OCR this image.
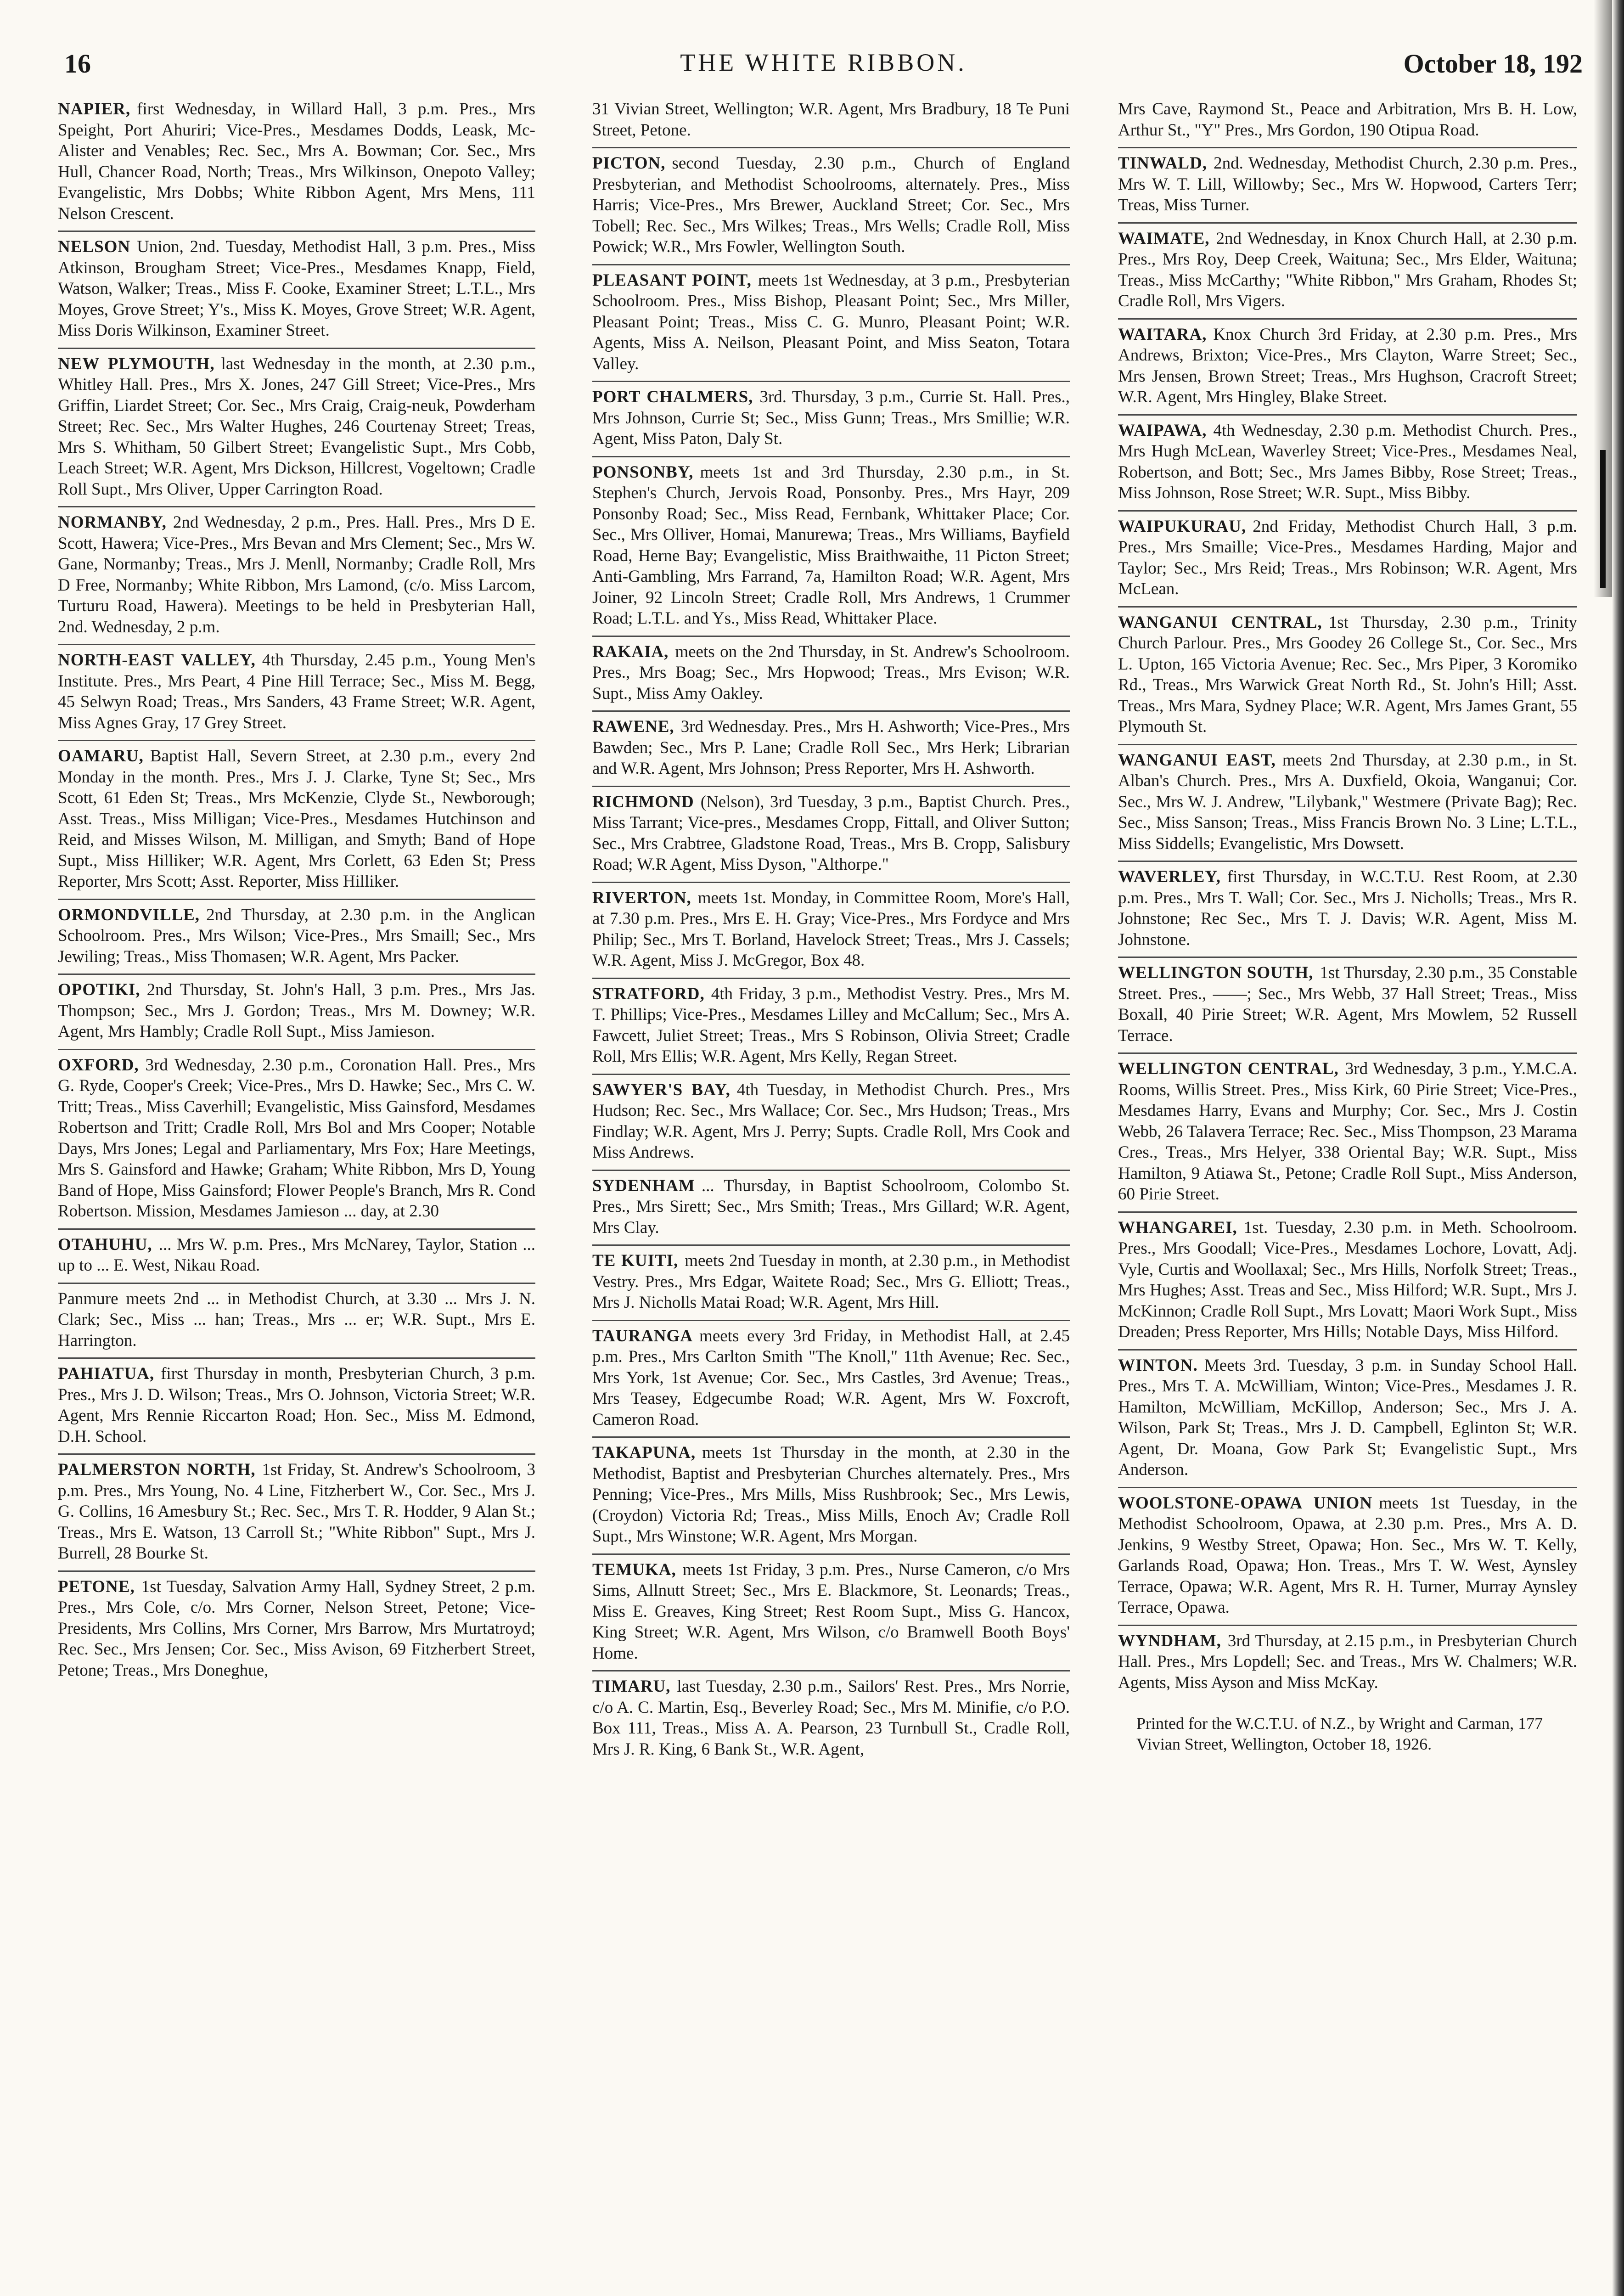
16	THE WHITE RIBBON.	October 18, 192

NAPIER, first Wednesday, in Willard Hall, 3 p.m. Pres., Mrs Speight, Port Ahuriri; Vice-Pres., Mesdames Dodds, Leask, Mc-Alister and Venables; Rec. Sec., Mrs A. Bowman; Cor. Sec., Mrs Hull, Chancer Road, North; Treas., Mrs Wilkinson, Onepoto Valley; Evangelistic, Mrs Dobbs; White Ribbon Agent, Mrs Mens, 111 Nelson Crescent.

NELSON Union, 2nd. Tuesday, Methodist Hall, 3 p.m. Pres., Miss Atkinson, Brougham Street; Vice-Pres., Mesdames Knapp, Field, Watson, Walker; Treas., Miss F. Cooke, Examiner Street; L.T.L., Mrs Moyes, Grove Street; Y's., Miss K. Moyes, Grove Street; W.R. Agent, Miss Doris Wilkinson, Examiner Street.

NEW PLYMOUTH, last Wednesday in the month, at 2.30 p.m., Whitley Hall. Pres., Mrs X. Jones, 247 Gill Street; Vice-Pres., Mrs Griffin, Liardet Street; Cor. Sec., Mrs Craig, Craig-neuk, Powderham Street; Rec. Sec., Mrs Walter Hughes, 246 Courtenay Street; Treas, Mrs S. Whitham, 50 Gilbert Street; Evangelistic Supt., Mrs Cobb, Leach Street; W.R. Agent, Mrs Dickson, Hillcrest, Vogeltown; Cradle Roll Supt., Mrs Oliver, Upper Carrington Road.

NORMANBY, 2nd Wednesday, 2 p.m., Pres. Hall. Pres., Mrs D E. Scott, Hawera; Vice-Pres., Mrs Bevan and Mrs Clement; Sec., Mrs W. Gane, Normanby; Treas., Mrs J. Menll, Normanby; Cradle Roll, Mrs D Free, Normanby; White Ribbon, Mrs Lamond, (c/o. Miss Larcom, Turturu Road, Hawera). Meetings to be held in Presbyterian Hall, 2nd. Wednesday, 2 p.m.

NORTH-EAST VALLEY, 4th Thursday, 2.45 p.m., Young Men's Institute. Pres., Mrs Peart, 4 Pine Hill Terrace; Sec., Miss M. Begg, 45 Selwyn Road; Treas., Mrs Sanders, 43 Frame Street; W.R. Agent, Miss Agnes Gray, 17 Grey Street.

OAMARU, Baptist Hall, Severn Street, at 2.30 p.m., every 2nd Monday in the month. Pres., Mrs J. J. Clarke, Tyne St; Sec., Mrs Scott, 61 Eden St; Treas., Mrs McKenzie, Clyde St., Newborough; Asst. Treas., Miss Milligan; Vice-Pres., Mesdames Hutchinson and Reid, and Misses Wilson, M. Milligan, and Smyth; Band of Hope Supt., Miss Hilliker; W.R. Agent, Mrs Corlett, 63 Eden St; Press Reporter, Mrs Scott; Asst. Reporter, Miss Hilliker.

ORMONDVILLE, 2nd Thursday, at 2.30 p.m. in the Anglican Schoolroom. Pres., Mrs Wilson; Vice-Pres., Mrs Smaill; Sec., Mrs Jewiling; Treas., Miss Thomasen; W.R. Agent, Mrs Packer.

OPOTIKI, 2nd Thursday, St. John's Hall, 3 p.m. Pres., Mrs Jas. Thompson; Sec., Mrs J. Gordon; Treas., Mrs M. Downey; W.R. Agent, Mrs Hambly; Cradle Roll Supt., Miss Jamieson.

OXFORD, 3rd Wednesday, 2.30 p.m., Coronation Hall. Pres., Mrs G. Ryde, Cooper's Creek; Vice-Pres., Mrs D. Hawke; Sec., Mrs C. W. Tritt; Treas., Miss Caverhill; Evangelistic, Miss Gainsford, Mesdames Robertson and Tritt; Cradle Roll, Mrs Bol and Mrs Cooper; Notable Days, Mrs Jones; Legal and Parliamentary, Mrs Fox; Hare Meetings, Mrs S. Gainsford and Hawke; Graham; White Ribbon, Mrs D, Young Band of Hope, Miss Gainsford; Flower People's Branch, Mrs R. Cond Robertson. Mission, Mesdames Jamieson ... day, at 2.30

OTAHUHU, ... Mrs W. p.m. Pres., Mrs McNarey, Taylor, Station ... up to ... E. West, Nikau Road.

Panmure meets 2nd ... in Methodist Church, at 3.30 ... Mrs J. N. Clark; Sec., Miss ... han; Treas., Mrs ... er; W.R. Supt., Mrs E. Harrington.

PAHIATUA, first Thursday in month, Presbyterian Church, 3 p.m. Pres., Mrs J. D. Wilson; Treas., Mrs O. Johnson, Victoria Street; W.R. Agent, Mrs Rennie Riccarton Road; Hon. Sec., Miss M. Edmond, D.H. School.

PALMERSTON NORTH, 1st Friday, St. Andrew's Schoolroom, 3 p.m. Pres., Mrs Young, No. 4 Line, Fitzherbert W., Cor. Sec., Mrs J. G. Collins, 16 Amesbury St.; Rec. Sec., Mrs T. R. Hodder, 9 Alan St.; Treas., Mrs E. Watson, 13 Carroll St.; "White Ribbon" Supt., Mrs J. Burrell, 28 Bourke St.

PETONE, 1st Tuesday, Salvation Army Hall, Sydney Street, 2 p.m. Pres., Mrs Cole, c/o. Mrs Corner, Nelson Street, Petone; Vice-Presidents, Mrs Collins, Mrs Corner, Mrs Barrow, Mrs Murtatroyd; Rec. Sec., Mrs Jensen; Cor. Sec., Miss Avison, 69 Fitzherbert Street, Petone; Treas., Mrs Doneghue,

31 Vivian Street, Wellington; W.R. Agent, Mrs Bradbury, 18 Te Puni Street, Petone.

PICTON, second Tuesday, 2.30 p.m., Church of England Presbyterian, and Methodist Schoolrooms, alternately. Pres., Miss Harris; Vice-Pres., Mrs Brewer, Auckland Street; Cor. Sec., Mrs Tobell; Rec. Sec., Mrs Wilkes; Treas., Mrs Wells; Cradle Roll, Miss Powick; W.R., Mrs Fowler, Wellington South.

PLEASANT POINT, meets 1st Wednesday, at 3 p.m., Presbyterian Schoolroom. Pres., Miss Bishop, Pleasant Point; Sec., Mrs Miller, Pleasant Point; Treas., Miss C. G. Munro, Pleasant Point; W.R. Agents, Miss A. Neilson, Pleasant Point, and Miss Seaton, Totara Valley.

PORT CHALMERS, 3rd. Thursday, 3 p.m., Currie St. Hall. Pres., Mrs Johnson, Currie St; Sec., Miss Gunn; Treas., Mrs Smillie; W.R. Agent, Miss Paton, Daly St.

PONSONBY, meets 1st and 3rd Thursday, 2.30 p.m., in St. Stephen's Church, Jervois Road, Ponsonby. Pres., Mrs Hayr, 209 Ponsonby Road; Sec., Miss Read, Fernbank, Whittaker Place; Cor. Sec., Mrs Olliver, Homai, Manurewa; Treas., Mrs Williams, Bayfield Road, Herne Bay; Evangelistic, Miss Braithwaithe, 11 Picton Street; Anti-Gambling, Mrs Farrand, 7a, Hamilton Road; W.R. Agent, Mrs Joiner, 92 Lincoln Street; Cradle Roll, Mrs Andrews, 1 Crummer Road; L.T.L. and Ys., Miss Read, Whittaker Place.

RAKAIA, meets on the 2nd Thursday, in St. Andrew's Schoolroom. Pres., Mrs Boag; Sec., Mrs Hopwood; Treas., Mrs Evison; W.R. Supt., Miss Amy Oakley.

RAWENE, 3rd Wednesday. Pres., Mrs H. Ashworth; Vice-Pres., Mrs Bawden; Sec., Mrs P. Lane; Cradle Roll Sec., Mrs Herk; Librarian and W.R. Agent, Mrs Johnson; Press Reporter, Mrs H. Ashworth.

RICHMOND (Nelson), 3rd Tuesday, 3 p.m., Baptist Church. Pres., Miss Tarrant; Vice-pres., Mesdames Cropp, Fittall, and Oliver Sutton; Sec., Mrs Crabtree, Gladstone Road, Treas., Mrs B. Cropp, Salisbury Road; W.R Agent, Miss Dyson, "Althorpe."

RIVERTON, meets 1st. Monday, in Committee Room, More's Hall, at 7.30 p.m. Pres., Mrs E. H. Gray; Vice-Pres., Mrs Fordyce and Mrs Philip; Sec., Mrs T. Borland, Havelock Street; Treas., Mrs J. Cassels; W.R. Agent, Miss J. McGregor, Box 48.

STRATFORD, 4th Friday, 3 p.m., Methodist Vestry. Pres., Mrs M. T. Phillips; Vice-Pres., Mesdames Lilley and McCallum; Sec., Mrs A. Fawcett, Juliet Street; Treas., Mrs S Robinson, Olivia Street; Cradle Roll, Mrs Ellis; W.R. Agent, Mrs Kelly, Regan Street.

SAWYER'S BAY, 4th Tuesday, in Methodist Church. Pres., Mrs Hudson; Rec. Sec., Mrs Wallace; Cor. Sec., Mrs Hudson; Treas., Mrs Findlay; W.R. Agent, Mrs J. Perry; Supts. Cradle Roll, Mrs Cook and Miss Andrews.

SYDENHAM ... Thursday, in Baptist Schoolroom, Colombo St. Pres., Mrs Sirett; Sec., Mrs Smith; Treas., Mrs Gillard; W.R. Agent, Mrs Clay.

TE KUITI, meets 2nd Tuesday in month, at 2.30 p.m., in Methodist Vestry. Pres., Mrs Edgar, Waitete Road; Sec., Mrs G. Elliott; Treas., Mrs J. Nicholls Matai Road; W.R. Agent, Mrs Hill.

TAURANGA meets every 3rd Friday, in Methodist Hall, at 2.45 p.m. Pres., Mrs Carlton Smith "The Knoll," 11th Avenue; Rec. Sec., Mrs York, 1st Avenue; Cor. Sec., Mrs Castles, 3rd Avenue; Treas., Mrs Teasey, Edgecumbe Road; W.R. Agent, Mrs W. Foxcroft, Cameron Road.

TAKAPUNA, meets 1st Thursday in the month, at 2.30 in the Methodist, Baptist and Presbyterian Churches alternately. Pres., Mrs Penning; Vice-Pres., Mrs Mills, Miss Rushbrook; Sec., Mrs Lewis, (Croydon) Victoria Rd; Treas., Miss Mills, Enoch Av; Cradle Roll Supt., Mrs Winstone; W.R. Agent, Mrs Morgan.

TEMUKA, meets 1st Friday, 3 p.m. Pres., Nurse Cameron, c/o Mrs Sims, Allnutt Street; Sec., Mrs E. Blackmore, St. Leonards; Treas., Miss E. Greaves, King Street; Rest Room Supt., Miss G. Hancox, King Street; W.R. Agent, Mrs Wilson, c/o Bramwell Booth Boys' Home.

TIMARU, last Tuesday, 2.30 p.m., Sailors' Rest. Pres., Mrs Norrie, c/o A. C. Martin, Esq., Beverley Road; Sec., Mrs M. Minifie, c/o P.O. Box 111, Treas., Miss A. A. Pearson, 23 Turnbull St., Cradle Roll, Mrs J. R. King, 6 Bank St., W.R. Agent,

Mrs Cave, Raymond St., Peace and Arbitration, Mrs B. H. Low, Arthur St., "Y" Pres., Mrs Gordon, 190 Otipua Road.

TINWALD, 2nd. Wednesday, Methodist Church, 2.30 p.m. Pres., Mrs W. T. Lill, Willowby; Sec., Mrs W. Hopwood, Carters Terr; Treas, Miss Turner.

WAIMATE, 2nd Wednesday, in Knox Church Hall, at 2.30 p.m. Pres., Mrs Roy, Deep Creek, Waituna; Sec., Mrs Elder, Waituna; Treas., Miss McCarthy; "White Ribbon," Mrs Graham, Rhodes St; Cradle Roll, Mrs Vigers.

WAITARA, Knox Church 3rd Friday, at 2.30 p.m. Pres., Mrs Andrews, Brixton; Vice-Pres., Mrs Clayton, Warre Street; Sec., Mrs Jensen, Brown Street; Treas., Mrs Hughson, Cracroft Street; W.R. Agent, Mrs Hingley, Blake Street.

WAIPAWA, 4th Wednesday, 2.30 p.m. Methodist Church. Pres., Mrs Hugh McLean, Waverley Street; Vice-Pres., Mesdames Neal, Robertson, and Bott; Sec., Mrs James Bibby, Rose Street; Treas., Miss Johnson, Rose Street; W.R. Supt., Miss Bibby.

WAIPUKURAU, 2nd Friday, Methodist Church Hall, 3 p.m. Pres., Mrs Smaille; Vice-Pres., Mesdames Harding, Major and Taylor; Sec., Mrs Reid; Treas., Mrs Robinson; W.R. Agent, Mrs McLean.

WANGANUI CENTRAL, 1st Thursday, 2.30 p.m., Trinity Church Parlour. Pres., Mrs Goodey 26 College St., Cor. Sec., Mrs L. Upton, 165 Victoria Avenue; Rec. Sec., Mrs Piper, 3 Koromiko Rd., Treas., Mrs Warwick Great North Rd., St. John's Hill; Asst. Treas., Mrs Mara, Sydney Place; W.R. Agent, Mrs James Grant, 55 Plymouth St.

WANGANUI EAST, meets 2nd Thursday, at 2.30 p.m., in St. Alban's Church. Pres., Mrs A. Duxfield, Okoia, Wanganui; Cor. Sec., Mrs W. J. Andrew, "Lilybank," Westmere (Private Bag); Rec. Sec., Miss Sanson; Treas., Miss Francis Brown No. 3 Line; L.T.L., Miss Siddells; Evangelistic, Mrs Dowsett.

WAVERLEY, first Thursday, in W.C.T.U. Rest Room, at 2.30 p.m. Pres., Mrs T. Wall; Cor. Sec., Mrs J. Nicholls; Treas., Mrs R. Johnstone; Rec Sec., Mrs T. J. Davis; W.R. Agent, Miss M. Johnstone.

WELLINGTON SOUTH, 1st Thursday, 2.30 p.m., 35 Constable Street. Pres., ——; Sec., Mrs Webb, 37 Hall Street; Treas., Miss Boxall, 40 Pirie Street; W.R. Agent, Mrs Mowlem, 52 Russell Terrace.

WELLINGTON CENTRAL, 3rd Wednesday, 3 p.m., Y.M.C.A. Rooms, Willis Street. Pres., Miss Kirk, 60 Pirie Street; Vice-Pres., Mesdames Harry, Evans and Murphy; Cor. Sec., Mrs J. Costin Webb, 26 Talavera Terrace; Rec. Sec., Miss Thompson, 23 Marama Cres., Treas., Mrs Helyer, 338 Oriental Bay; W.R. Supt., Miss Hamilton, 9 Atiawa St., Petone; Cradle Roll Supt., Miss Anderson, 60 Pirie Street.

WHANGAREI, 1st. Tuesday, 2.30 p.m. in Meth. Schoolroom. Pres., Mrs Goodall; Vice-Pres., Mesdames Lochore, Lovatt, Adj. Vyle, Curtis and Woollaxal; Sec., Mrs Hills, Norfolk Street; Treas., Mrs Hughes; Asst. Treas and Sec., Miss Hilford; W.R. Supt., Mrs J. McKinnon; Cradle Roll Supt., Mrs Lovatt; Maori Work Supt., Miss Dreaden; Press Reporter, Mrs Hills; Notable Days, Miss Hilford.

WINTON. Meets 3rd. Tuesday, 3 p.m. in Sunday School Hall. Pres., Mrs T. A. McWilliam, Winton; Vice-Pres., Mesdames J. R. Hamilton, McWilliam, McKillop, Anderson; Sec., Mrs J. A. Wilson, Park St; Treas., Mrs J. D. Campbell, Eglinton St; W.R. Agent, Dr. Moana, Gow Park St; Evangelistic Supt., Mrs Anderson.

WOOLSTONE-OPAWA UNION meets 1st Tuesday, in the Methodist Schoolroom, Opawa, at 2.30 p.m. Pres., Mrs A. D. Jenkins, 9 Westby Street, Opawa; Hon. Sec., Mrs W. T. Kelly, Garlands Road, Opawa; Hon. Treas., Mrs T. W. West, Aynsley Terrace, Opawa; W.R. Agent, Mrs R. H. Turner, Murray Aynsley Terrace, Opawa.

WYNDHAM, 3rd Thursday, at 2.15 p.m., in Presbyterian Church Hall. Pres., Mrs Lopdell; Sec. and Treas., Mrs W. Chalmers; W.R. Agents, Miss Ayson and Miss McKay.

Printed for the W.C.T.U. of N.Z., by Wright and Carman, 177 Vivian Street, Wellington, October 18, 1926.
